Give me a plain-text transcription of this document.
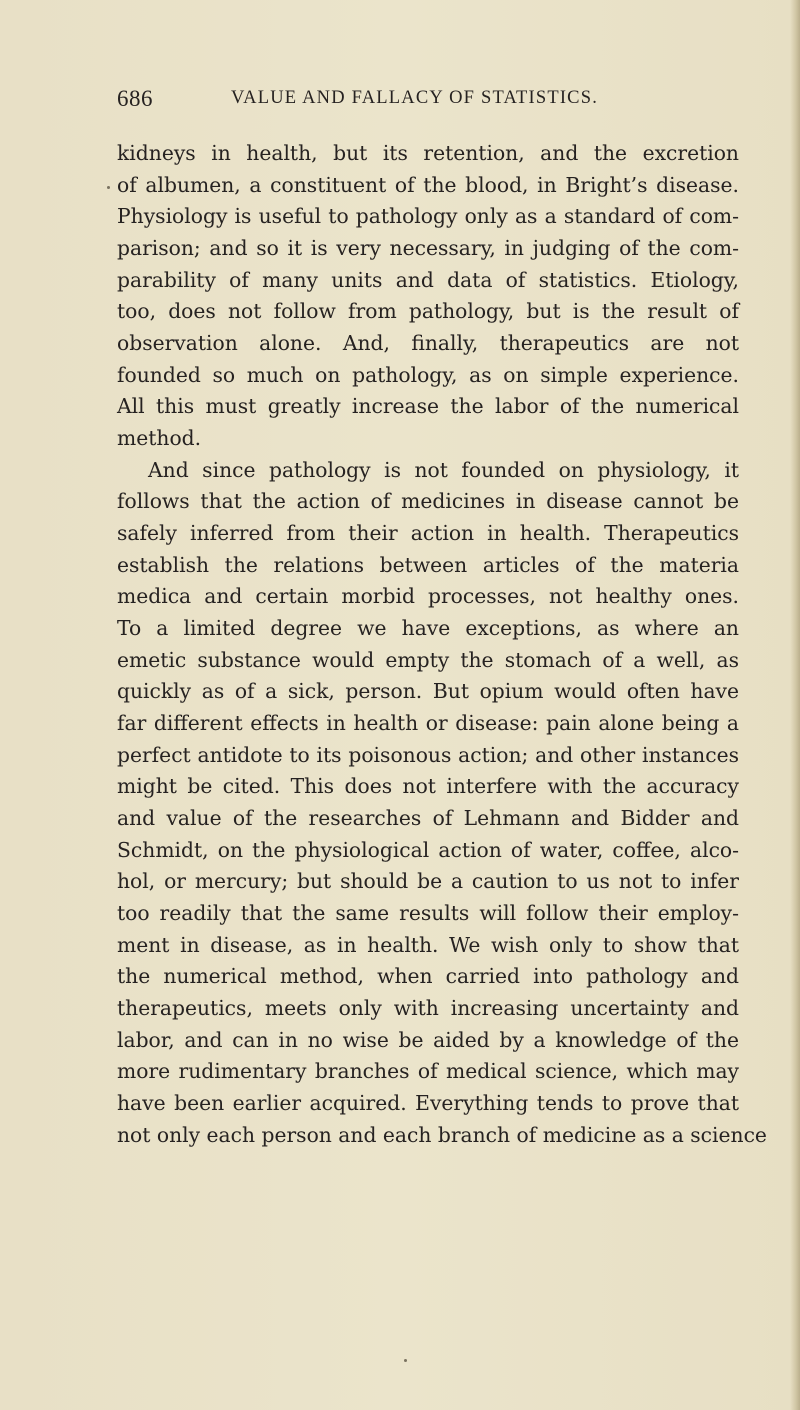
686	VALUE AND FALLACY OF STATISTICS.
kidneys in health, but its retention, and the excretion
of albumen, a constituent of the blood, in Bright’s disease.
Physiology is useful to pathology only as a standard of com-
parison; and so it is very necessary, in judging of the com-
parability of many units and data of statistics. Etiology,
too, does not follow from pathology, but is the result of
observation alone. And, finally, therapeutics are not
founded so much on pathology, as on simple experience.
All this must greatly increase the labor of the numerical
method.
And since pathology is not founded on physiology, it
follows that the action of medicines in disease cannot be
safely inferred from their action in health. Therapeutics
establish the relations between articles of the materia
medica and certain morbid processes, not healthy ones.
To a limited degree we have exceptions, as where an
emetic substance would empty the stomach of a well, as
quickly as of a sick, person. But opium would often have
far different effects in health or disease: pain alone being a
perfect antidote to its poisonous action; and other instances
might be cited. This does not interfere with the accuracy
and value of the researches of Lehmann and Bidder and
Schmidt, on the physiological action of water, coffee, alco-
hol, or mercury; but should be a caution to us not to infer
too readily that the same results will follow their employ-
ment in disease, as in health. We wish only to show that
the numerical method, when carried into pathology and
therapeutics, meets only with increasing uncertainty and
labor, and can in no wise be aided by a knowledge of the
more rudimentary branches of medical science, which may
have been earlier acquired. Everything tends to prove that
not only each person and each branch of medicine as a science
